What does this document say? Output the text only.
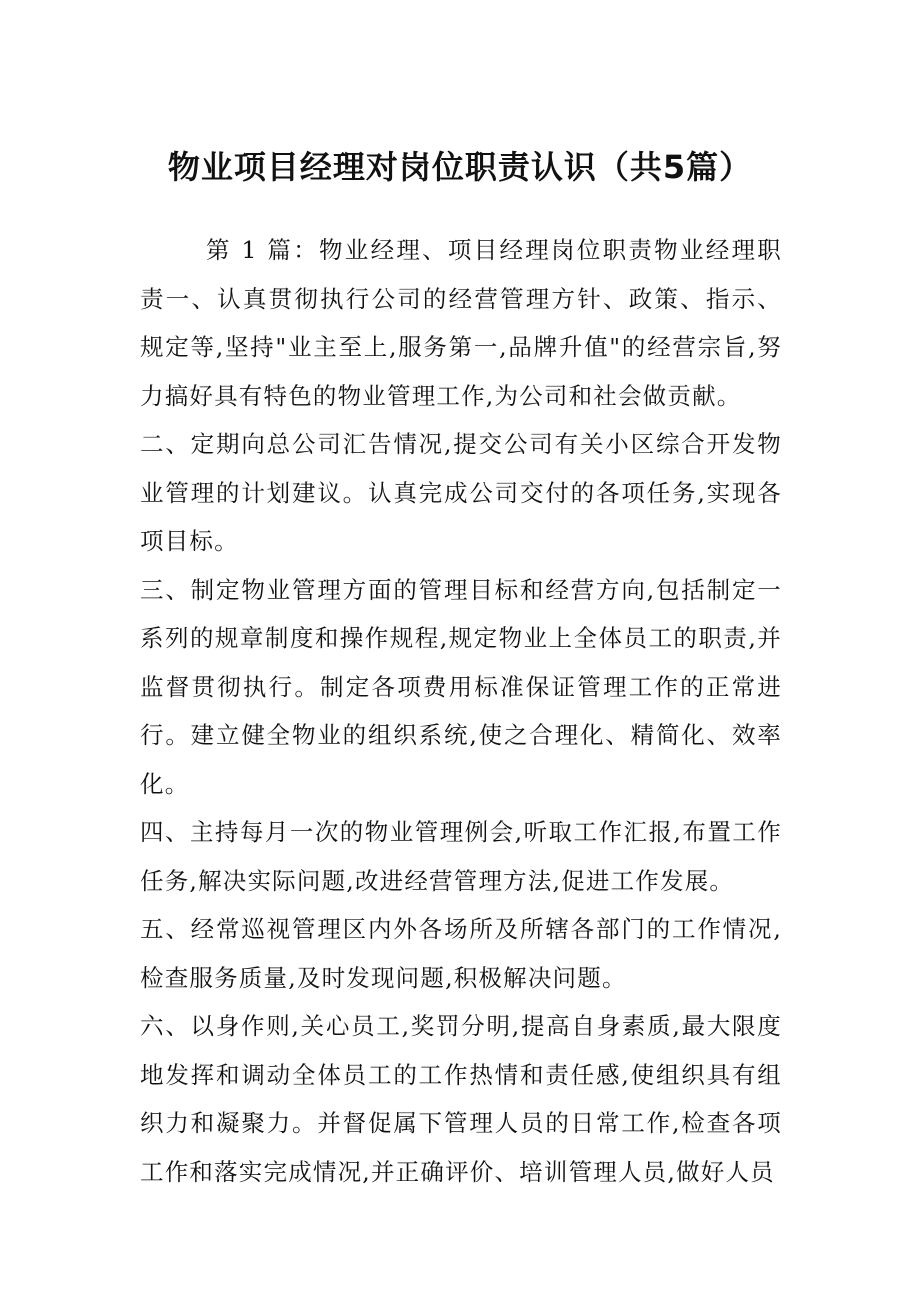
物业项目经理对岗位职责认识（共5篇）

第 1 篇：物业经理、项目经理岗位职责物业经理职责一、认真贯彻执行公司的经营管理方针、政策、指示、规定等,坚持"业主至上,服务第一,品牌升值"的经营宗旨,努力搞好具有特色的物业管理工作,为公司和社会做贡献。

二、定期向总公司汇告情况,提交公司有关小区综合开发物业管理的计划建议。认真完成公司交付的各项任务,实现各项目标。

三、制定物业管理方面的管理目标和经营方向,包括制定一系列的规章制度和操作规程,规定物业上全体员工的职责,并监督贯彻执行。制定各项费用标准保证管理工作的正常进行。建立健全物业的组织系统,使之合理化、精简化、效率化。

四、主持每月一次的物业管理例会,听取工作汇报,布置工作任务,解决实际问题,改进经营管理方法,促进工作发展。

五、经常巡视管理区内外各场所及所辖各部门的工作情况,检查服务质量,及时发现问题,积极解决问题。

六、以身作则,关心员工,奖罚分明,提高自身素质,最大限度地发挥和调动全体员工的工作热情和责任感,使组织具有组织力和凝聚力。并督促属下管理人员的日常工作,检查各项工作和落实完成情况,并正确评价、培训管理人员,做好人员
